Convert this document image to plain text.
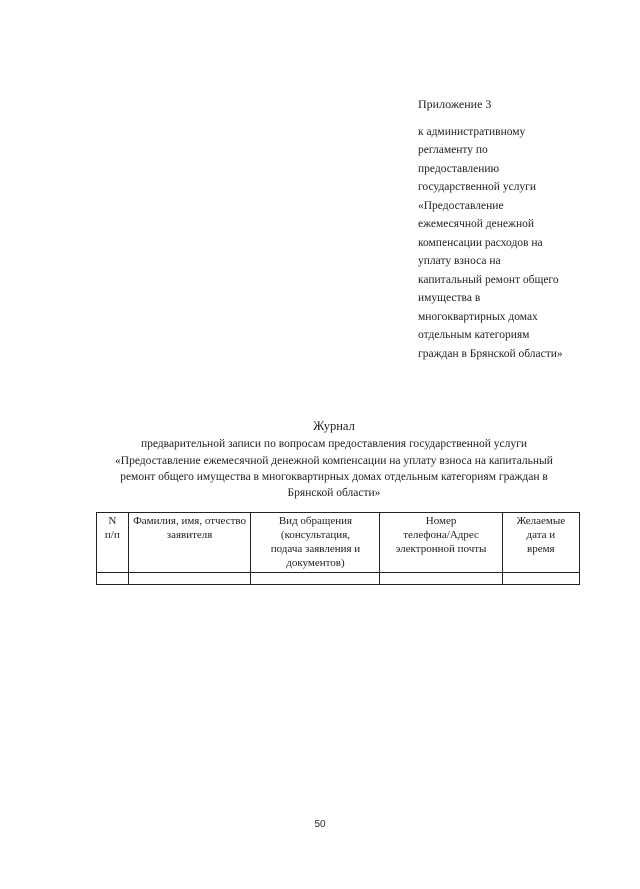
Приложение 3
к административному
регламенту по
предоставлению
государственной услуги
«Предоставление
ежемесячной денежной
компенсации расходов на
уплату взноса на
капитальный ремонт общего
имущества в
многоквартирных домах
отдельным категориям
граждан в Брянской области»
Журнал
предварительной записи по вопросам предоставления государственной услуги
«Предоставление ежемесячной денежной компенсации на уплату взноса на капитальный
ремонт общего имущества в многоквартирных домах отдельным категориям граждан в
Брянской области»
N
п/п	Фамилия, имя, отчество
заявителя	Вид обращения
(консультация,
подача заявления и
документов)	Номер
телефона/Адрес
электронной почты	Желаемые
дата и
время

50
